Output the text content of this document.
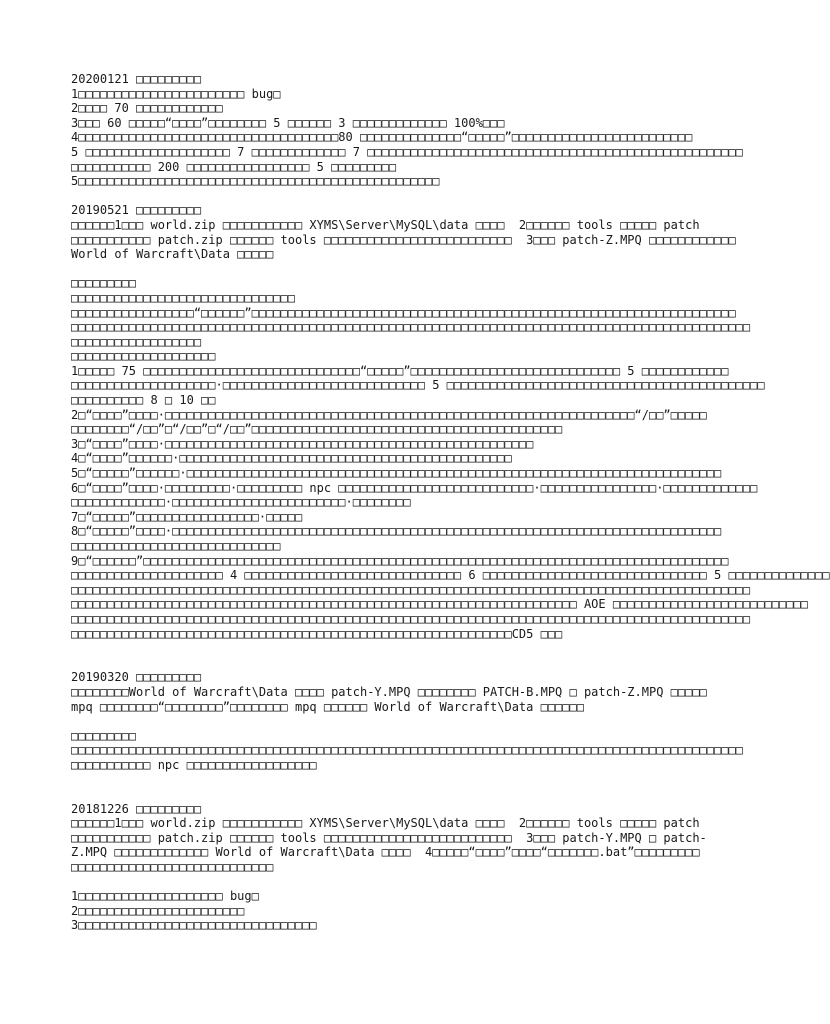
20200121 □□□□□□□□□
1□□□□□□□□□□□□□□□□□□□□□□□ bug□
2□□□□ 70 □□□□□□□□□□□□
3□□□ 60 □□□□□“□□□□”□□□□□□□□ 5 □□□□□□ 3 □□□□□□□□□□□□□ 100%□□□
4□□□□□□□□□□□□□□□□□□□□□□□□□□□□□□□□□□□□80 □□□□□□□□□□□□□□“□□□□□”□□□□□□□□□□□□□□□□□□□□□□□□□
5 □□□□□□□□□□□□□□□□□□□□ 7 □□□□□□□□□□□□□ 7 □□□□□□□□□□□□□□□□□□□□□□□□□□□□□□□□□□□□□□□□□□□□□□□□□□□□
□□□□□□□□□□□ 200 □□□□□□□□□□□□□□□□□ 5 □□□□□□□□□
5□□□□□□□□□□□□□□□□□□□□□□□□□□□□□□□□□□□□□□□□□□□□□□□□□□
20190521 □□□□□□□□□
□□□□□□1□□□ world.zip □□□□□□□□□□□ XYMS\Server\MySQL\data □□□□  2□□□□□□ tools □□□□□ patch
□□□□□□□□□□□ patch.zip □□□□□□ tools □□□□□□□□□□□□□□□□□□□□□□□□□□  3□□□ patch-Z.MPQ □□□□□□□□□□□□
World of Warcraft\Data □□□□□
□□□□□□□□□
□□□□□□□□□□□□□□□□□□□□□□□□□□□□□□□
□□□□□□□□□□□□□□□□□“□□□□□□”□□□□□□□□□□□□□□□□□□□□□□□□□□□□□□□□□□□□□□□□□□□□□□□□□□□□□□□□□□□□□□□□□□□
□□□□□□□□□□□□□□□□□□□□□□□□□□□□□□□□□□□□□□□□□□□□□□□□□□□□□□□□□□□□□□□□□□□□□□□□□□□□□□□□□□□□□□□□□□□□□□
□□□□□□□□□□□□□□□□□□
□□□□□□□□□□□□□□□□□□□□
1□□□□□ 75 □□□□□□□□□□□□□□□□□□□□□□□□□□□□□□“□□□□□”□□□□□□□□□□□□□□□□□□□□□□□□□□□□□ 5 □□□□□□□□□□□□
□□□□□□□□□□□□□□□□□□□□·□□□□□□□□□□□□□□□□□□□□□□□□□□□□ 5 □□□□□□□□□□□□□□□□□□□□□□□□□□□□□□□□□□□□□□□□□□□□
□□□□□□□□□□ 8 □ 10 □□
2□“□□□□”□□□□·□□□□□□□□□□□□□□□□□□□□□□□□□□□□□□□□□□□□□□□□□□□□□□□□□□□□□□□□□□□□□□□□□“/□□”□□□□□
□□□□□□□□“/□□”□“/□□”□“/□□”□□□□□□□□□□□□□□□□□□□□□□□□□□□□□□□□□□□□□□□□□□□
3□“□□□□”□□□□·□□□□□□□□□□□□□□□□□□□□□□□□□□□□□□□□□□□□□□□□□□□□□□□□□□□
4□“□□□□”□□□□□□·□□□□□□□□□□□□□□□□□□□□□□□□□□□□□□□□□□□□□□□□□□□□□□
5□“□□□□□”□□□□□□·□□□□□□□□□□□□□□□□□□□□□□□□□□□□□□□□□□□□□□□□□□□□□□□□□□□□□□□□□□□□□□□□□□□□□□□□□□
6□“□□□□”□□□□·□□□□□□□□□·□□□□□□□□□ npc □□□□□□□□□□□□□□□□□□□□□□□□□□□·□□□□□□□□□□□□□□□□·□□□□□□□□□□□□□
□□□□□□□□□□□□□·□□□□□□□□□□□□□□□□□□□□□□□□·□□□□□□□□
7□“□□□□□”□□□□□□□□□□□□□□□□□·□□□□□
8□“□□□□□”□□□□·□□□□□□□□□□□□□□□□□□□□□□□□□□□□□□□□□□□□□□□□□□□□□□□□□□□□□□□□□□□□□□□□□□□□□□□□□□□□
□□□□□□□□□□□□□□□□□□□□□□□□□□□□□
9□“□□□□□□”□□□□□□□□□□□□□□□□□□□□□□□□□□□□□□□□□□□□□□□□□□□□□□□□□□□□□□□□□□□□□□□□□□□□□□□□□□□□□□□□□
□□□□□□□□□□□□□□□□□□□□□ 4 □□□□□□□□□□□□□□□□□□□□□□□□□□□□□□ 6 □□□□□□□□□□□□□□□□□□□□□□□□□□□□□□□ 5 □□□□□□□□□□□□□□
□□□□□□□□□□□□□□□□□□□□□□□□□□□□□□□□□□□□□□□□□□□□□□□□□□□□□□□□□□□□□□□□□□□□□□□□□□□□□□□□□□□□□□□□□□□□□□
□□□□□□□□□□□□□□□□□□□□□□□□□□□□□□□□□□□□□□□□□□□□□□□□□□□□□□□□□□□□□□□□□□□□□□ AOE □□□□□□□□□□□□□□□□□□□□□□□□□□□
□□□□□□□□□□□□□□□□□□□□□□□□□□□□□□□□□□□□□□□□□□□□□□□□□□□□□□□□□□□□□□□□□□□□□□□□□□□□□□□□□□□□□□□□□□□□□□
□□□□□□□□□□□□□□□□□□□□□□□□□□□□□□□□□□□□□□□□□□□□□□□□□□□□□□□□□□□□□CD5 □□□
20190320 □□□□□□□□□
□□□□□□□□World of Warcraft\Data □□□□ patch-Y.MPQ □□□□□□□□ PATCH-B.MPQ □ patch-Z.MPQ □□□□□
mpq □□□□□□□□“□□□□□□□□”□□□□□□□□ mpq □□□□□□ World of Warcraft\Data □□□□□□
□□□□□□□□□
□□□□□□□□□□□□□□□□□□□□□□□□□□□□□□□□□□□□□□□□□□□□□□□□□□□□□□□□□□□□□□□□□□□□□□□□□□□□□□□□□□□□□□□□□□□□□
□□□□□□□□□□□ npc □□□□□□□□□□□□□□□□□□
20181226 □□□□□□□□□
□□□□□□1□□□ world.zip □□□□□□□□□□□ XYMS\Server\MySQL\data □□□□  2□□□□□□ tools □□□□□ patch
□□□□□□□□□□□ patch.zip □□□□□□ tools □□□□□□□□□□□□□□□□□□□□□□□□□□  3□□□ patch-Y.MPQ □ patch-
Z.MPQ □□□□□□□□□□□□□ World of Warcraft\Data □□□□  4□□□□□“□□□□”□□□□“□□□□□□□.bat”□□□□□□□□□
□□□□□□□□□□□□□□□□□□□□□□□□□□□□
1□□□□□□□□□□□□□□□□□□□□ bug□
2□□□□□□□□□□□□□□□□□□□□□□□
3□□□□□□□□□□□□□□□□□□□□□□□□□□□□□□□□□
